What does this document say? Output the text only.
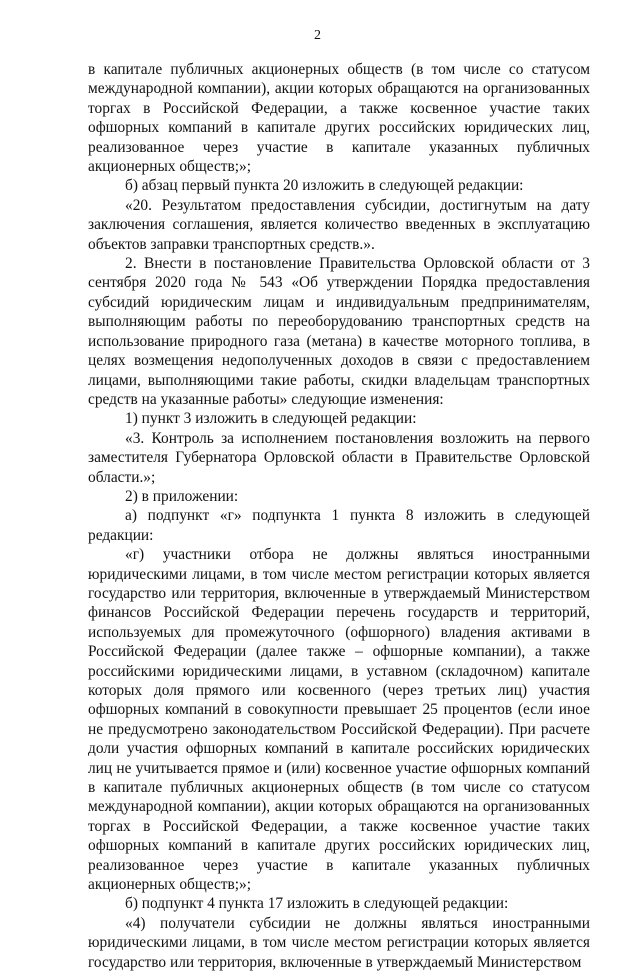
2

в капитале публичных акционерных обществ (в том числе со статусом международной компании), акции которых обращаются на организованных торгах в Российской Федерации, а также косвенное участие таких офшорных компаний в капитале других российских юридических лиц, реализованное через участие в капитале указанных публичных акционерных обществ;»;

б) абзац первый пункта 20 изложить в следующей редакции:

«20. Результатом предоставления субсидии, достигнутым на дату заключения соглашения, является количество введенных в эксплуатацию объектов заправки транспортных средств.».

2. Внести в постановление Правительства Орловской области от 3 сентября 2020 года № 543 «Об утверждении Порядка предоставления субсидий юридическим лицам и индивидуальным предпринимателям, выполняющим работы по переоборудованию транспортных средств на использование природного газа (метана) в качестве моторного топлива, в целях возмещения недополученных доходов в связи с предоставлением лицами, выполняющими такие работы, скидки владельцам транспортных средств на указанные работы» следующие изменения:

1) пункт 3 изложить в следующей редакции:

«3. Контроль за исполнением постановления возложить на первого заместителя Губернатора Орловской области в Правительстве Орловской области.»;

2) в приложении:

а) подпункт «г» подпункта 1 пункта 8 изложить в следующей редакции:

«г) участники отбора не должны являться иностранными юридическими лицами, в том числе местом регистрации которых является государство или территория, включенные в утверждаемый Министерством финансов Российской Федерации перечень государств и территорий, используемых для промежуточного (офшорного) владения активами в Российской Федерации (далее также – офшорные компании), а также российскими юридическими лицами, в уставном (складочном) капитале которых доля прямого или косвенного (через третьих лиц) участия офшорных компаний в совокупности превышает 25 процентов (если иное не предусмотрено законодательством Российской Федерации). При расчете доли участия офшорных компаний в капитале российских юридических лиц не учитывается прямое и (или) косвенное участие офшорных компаний в капитале публичных акционерных обществ (в том числе со статусом международной компании), акции которых обращаются на организованных торгах в Российской Федерации, а также косвенное участие таких офшорных компаний в капитале других российских юридических лиц, реализованное через участие в капитале указанных публичных акционерных обществ;»;

б) подпункт 4 пункта 17 изложить в следующей редакции:

«4) получатели субсидии не должны являться иностранными юридическими лицами, в том числе местом регистрации которых является государство или территория, включенные в утверждаемый Министерством
